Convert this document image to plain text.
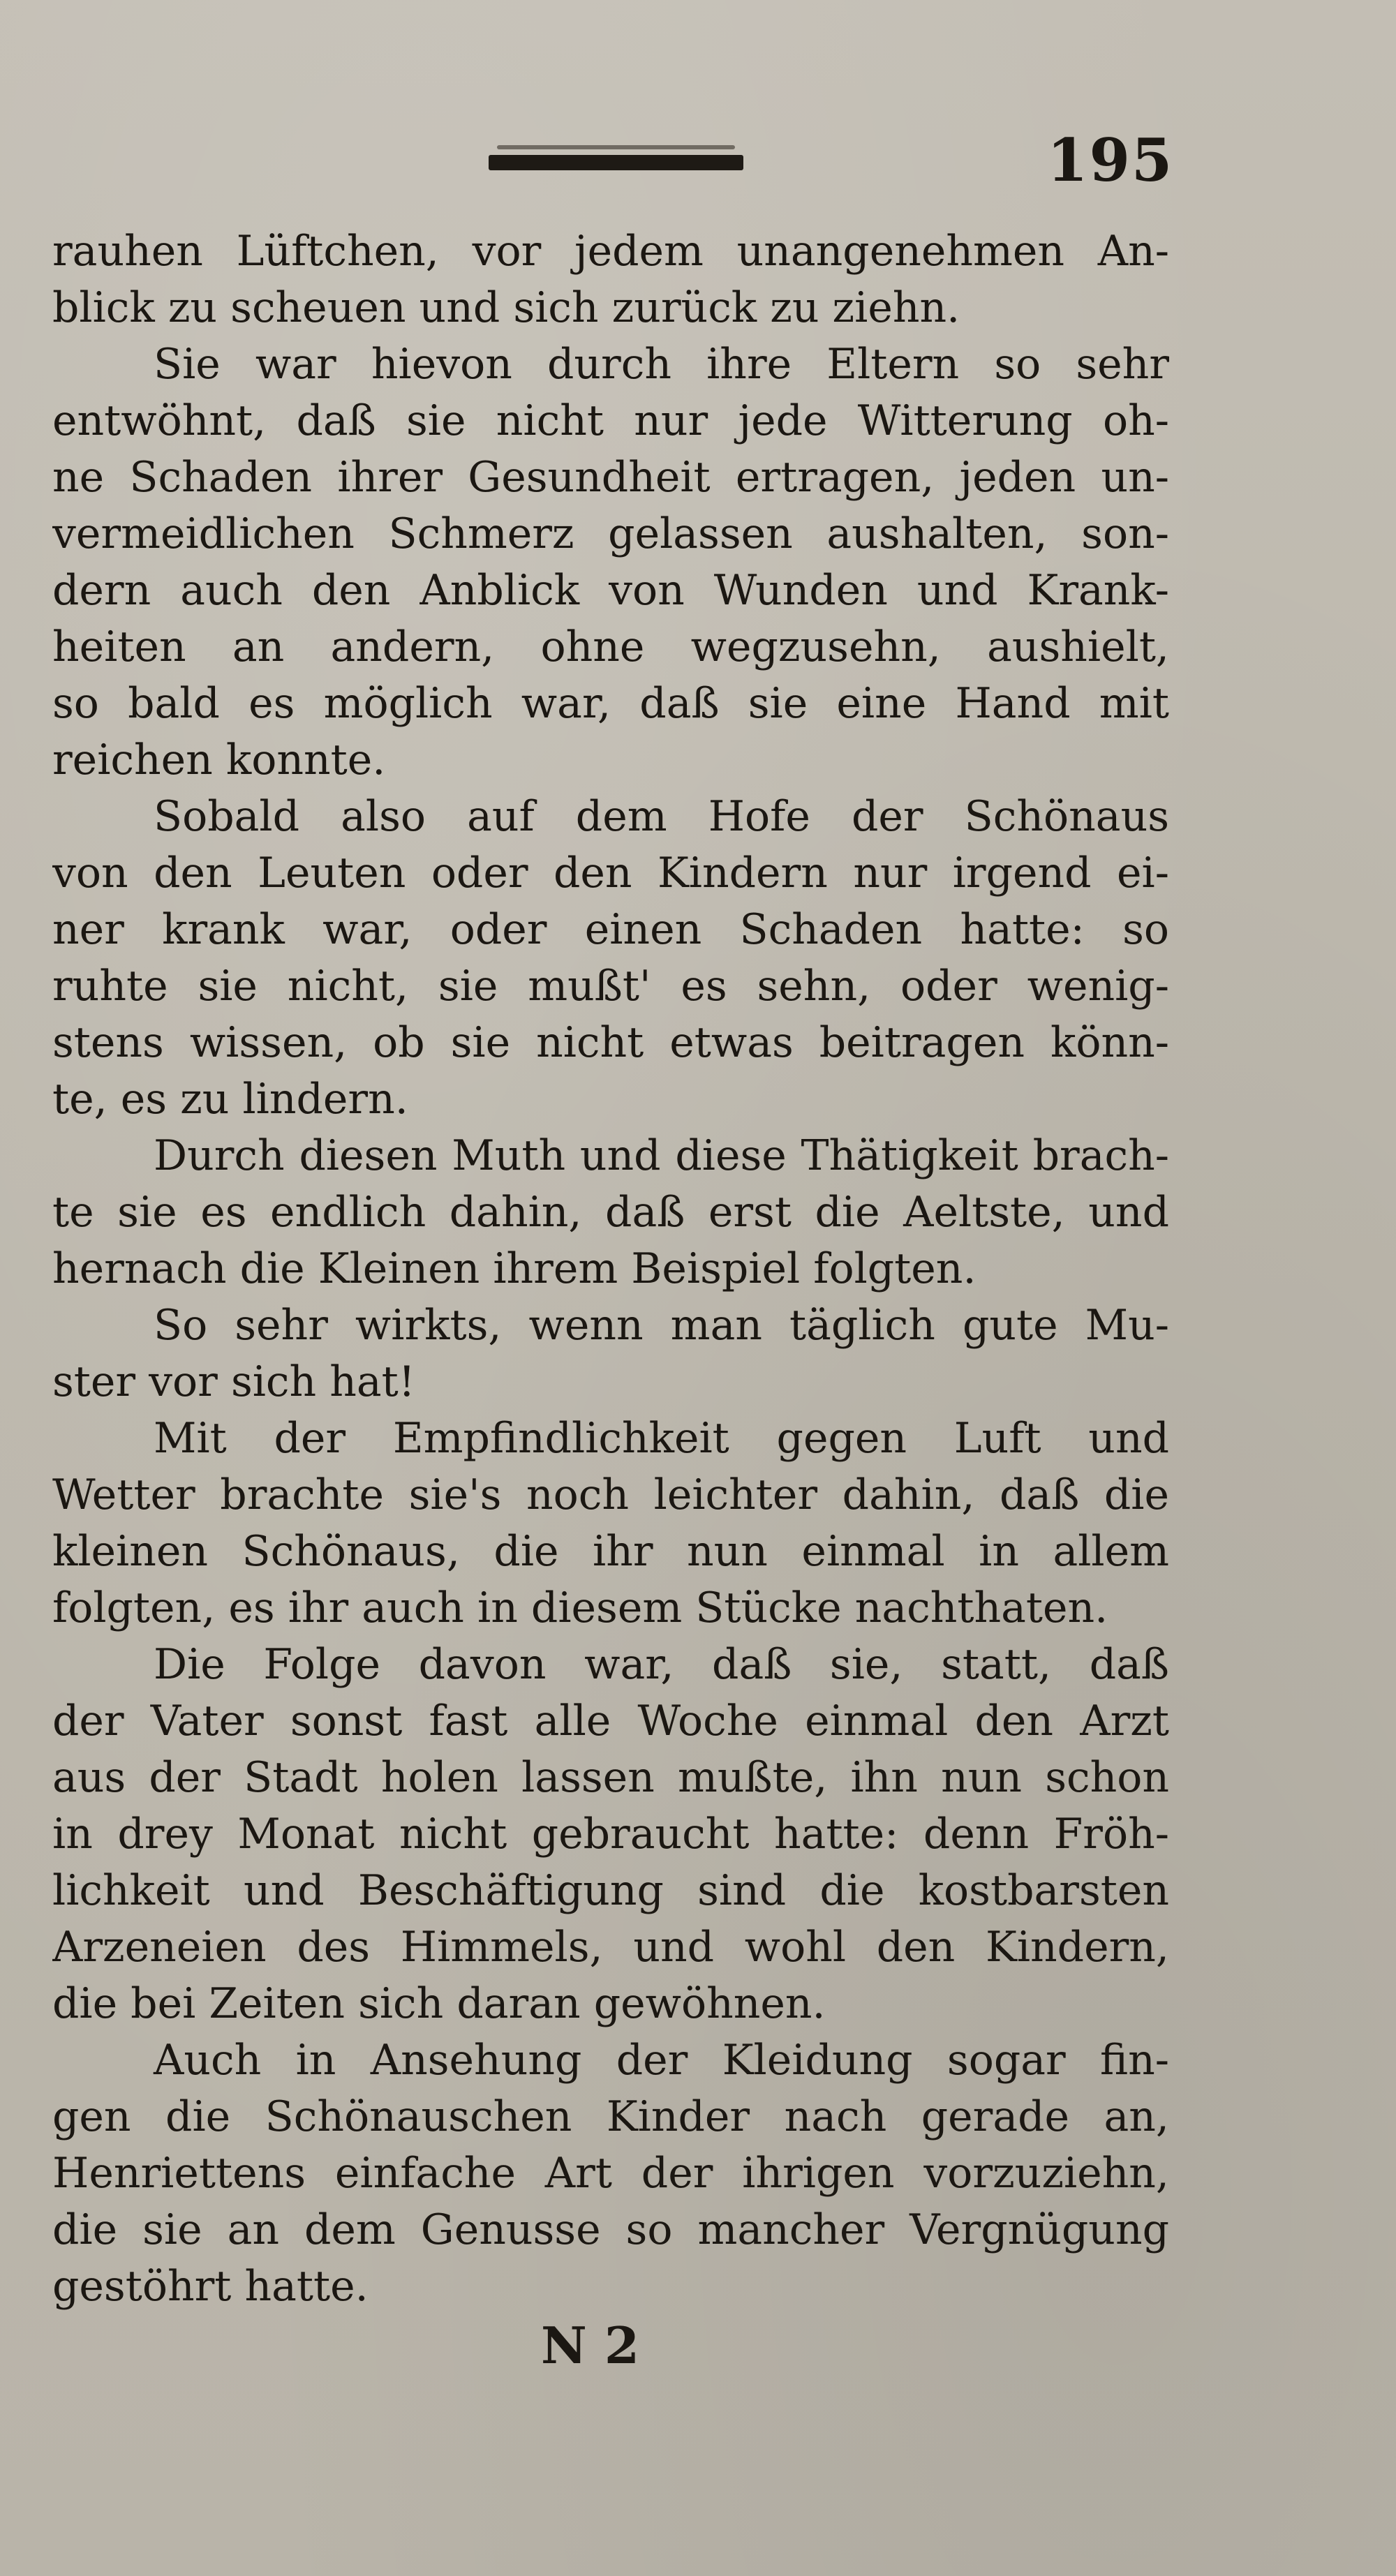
195
rauhen Lüftchen, vor jedem unangenehmen An-
blick zu scheuen und sich zurück zu ziehn.
Sie war hievon durch ihre Eltern so sehr
entwöhnt, daß sie nicht nur jede Witterung oh-
ne Schaden ihrer Gesundheit ertragen, jeden un-
vermeidlichen Schmerz gelassen aushalten, son-
dern auch den Anblick von Wunden und Krank-
heiten an andern, ohne wegzusehn, aushielt,
so bald es möglich war, daß sie eine Hand mit
reichen konnte.
Sobald also auf dem Hofe der Schönaus
von den Leuten oder den Kindern nur irgend ei-
ner krank war, oder einen Schaden hatte: so
ruhte sie nicht, sie mußt' es sehn, oder wenig-
stens wissen, ob sie nicht etwas beitragen könn-
te, es zu lindern.
Durch diesen Muth und diese Thätigkeit brach-
te sie es endlich dahin, daß erst die Aeltste, und
hernach die Kleinen ihrem Beispiel folgten.
So sehr wirkts, wenn man täglich gute Mu-
ster vor sich hat!
Mit der Empfindlichkeit gegen Luft und
Wetter brachte sie's noch leichter dahin, daß die
kleinen Schönaus, die ihr nun einmal in allem
folgten, es ihr auch in diesem Stücke nachthaten.
Die Folge davon war, daß sie, statt, daß
der Vater sonst fast alle Woche einmal den Arzt
aus der Stadt holen lassen mußte, ihn nun schon
in drey Monat nicht gebraucht hatte: denn Fröh-
lichkeit und Beschäftigung sind die kostbarsten
Arzeneien des Himmels, und wohl den Kindern,
die bei Zeiten sich daran gewöhnen.
Auch in Ansehung der Kleidung sogar fin-
gen die Schönauschen Kinder nach gerade an,
Henriettens einfache Art der ihrigen vorzuziehn,
die sie an dem Genusse so mancher Vergnügung
gestöhrt hatte.
N 2
